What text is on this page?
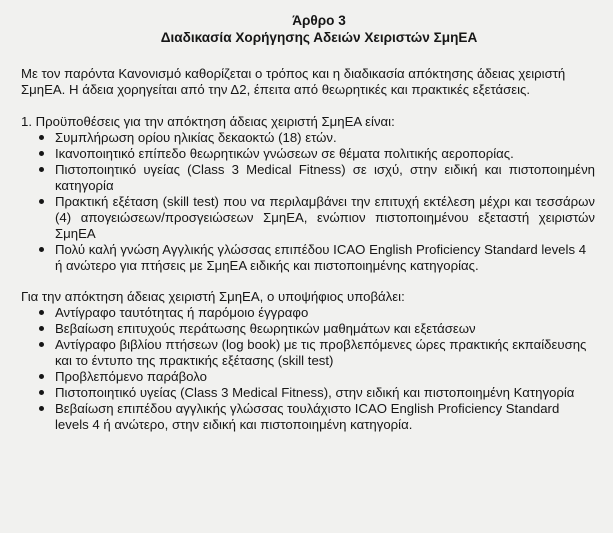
Άρθρο 3
Διαδικασία Χορήγησης Αδειών Χειριστών ΣμηΕΑ
Με τον παρόντα Κανονισμό καθορίζεται ο τρόπος και η διαδικασία απόκτησης άδειας χειριστή ΣμηΕΑ. Η άδεια χορηγείται από την Δ2, έπειτα από θεωρητικές και πρακτικές εξετάσεις.
1. Προϋποθέσεις για την απόκτηση άδειας χειριστή ΣμηΕΑ είναι:
Συμπλήρωση ορίου ηλικίας δεκαοκτώ (18) ετών.
Ικανοποιητικό επίπεδο θεωρητικών γνώσεων σε θέματα πολιτικής αεροπορίας.
Πιστοποιητικό υγείας (Class 3 Medical Fitness) σε ισχύ, στην ειδική και πιστοποιημένη κατηγορία
Πρακτική εξέταση (skill test) που να περιλαμβάνει την επιτυχή εκτέλεση μέχρι και τεσσάρων (4) απογειώσεων/προσγειώσεων ΣμηΕΑ, ενώπιον πιστοποιημένου εξεταστή χειριστών ΣμηΕΑ
Πολύ καλή γνώση Αγγλικής γλώσσας επιπέδου ICAO English Proficiency Standard levels 4 ή ανώτερο για πτήσεις με ΣμηΕΑ ειδικής και πιστοποιημένης κατηγορίας.
Για την απόκτηση άδειας χειριστή ΣμηΕΑ, ο υποψήφιος υποβάλει:
Αντίγραφο ταυτότητας ή παρόμοιο έγγραφο
Βεβαίωση επιτυχούς περάτωσης θεωρητικών μαθημάτων και εξετάσεων
Αντίγραφο βιβλίου πτήσεων (log book) με τις προβλεπόμενες ώρες πρακτικής εκπαίδευσης και το έντυπο της πρακτικής εξέτασης (skill test)
Προβλεπόμενο παράβολο
Πιστοποιητικό υγείας (Class 3 Medical Fitness), στην ειδική και πιστοποιημένη Κατηγορία
Βεβαίωση επιπέδου αγγλικής γλώσσας τουλάχιστο ICAO English Proficiency Standard levels 4 ή ανώτερο, στην ειδική και πιστοποιημένη κατηγορία.
